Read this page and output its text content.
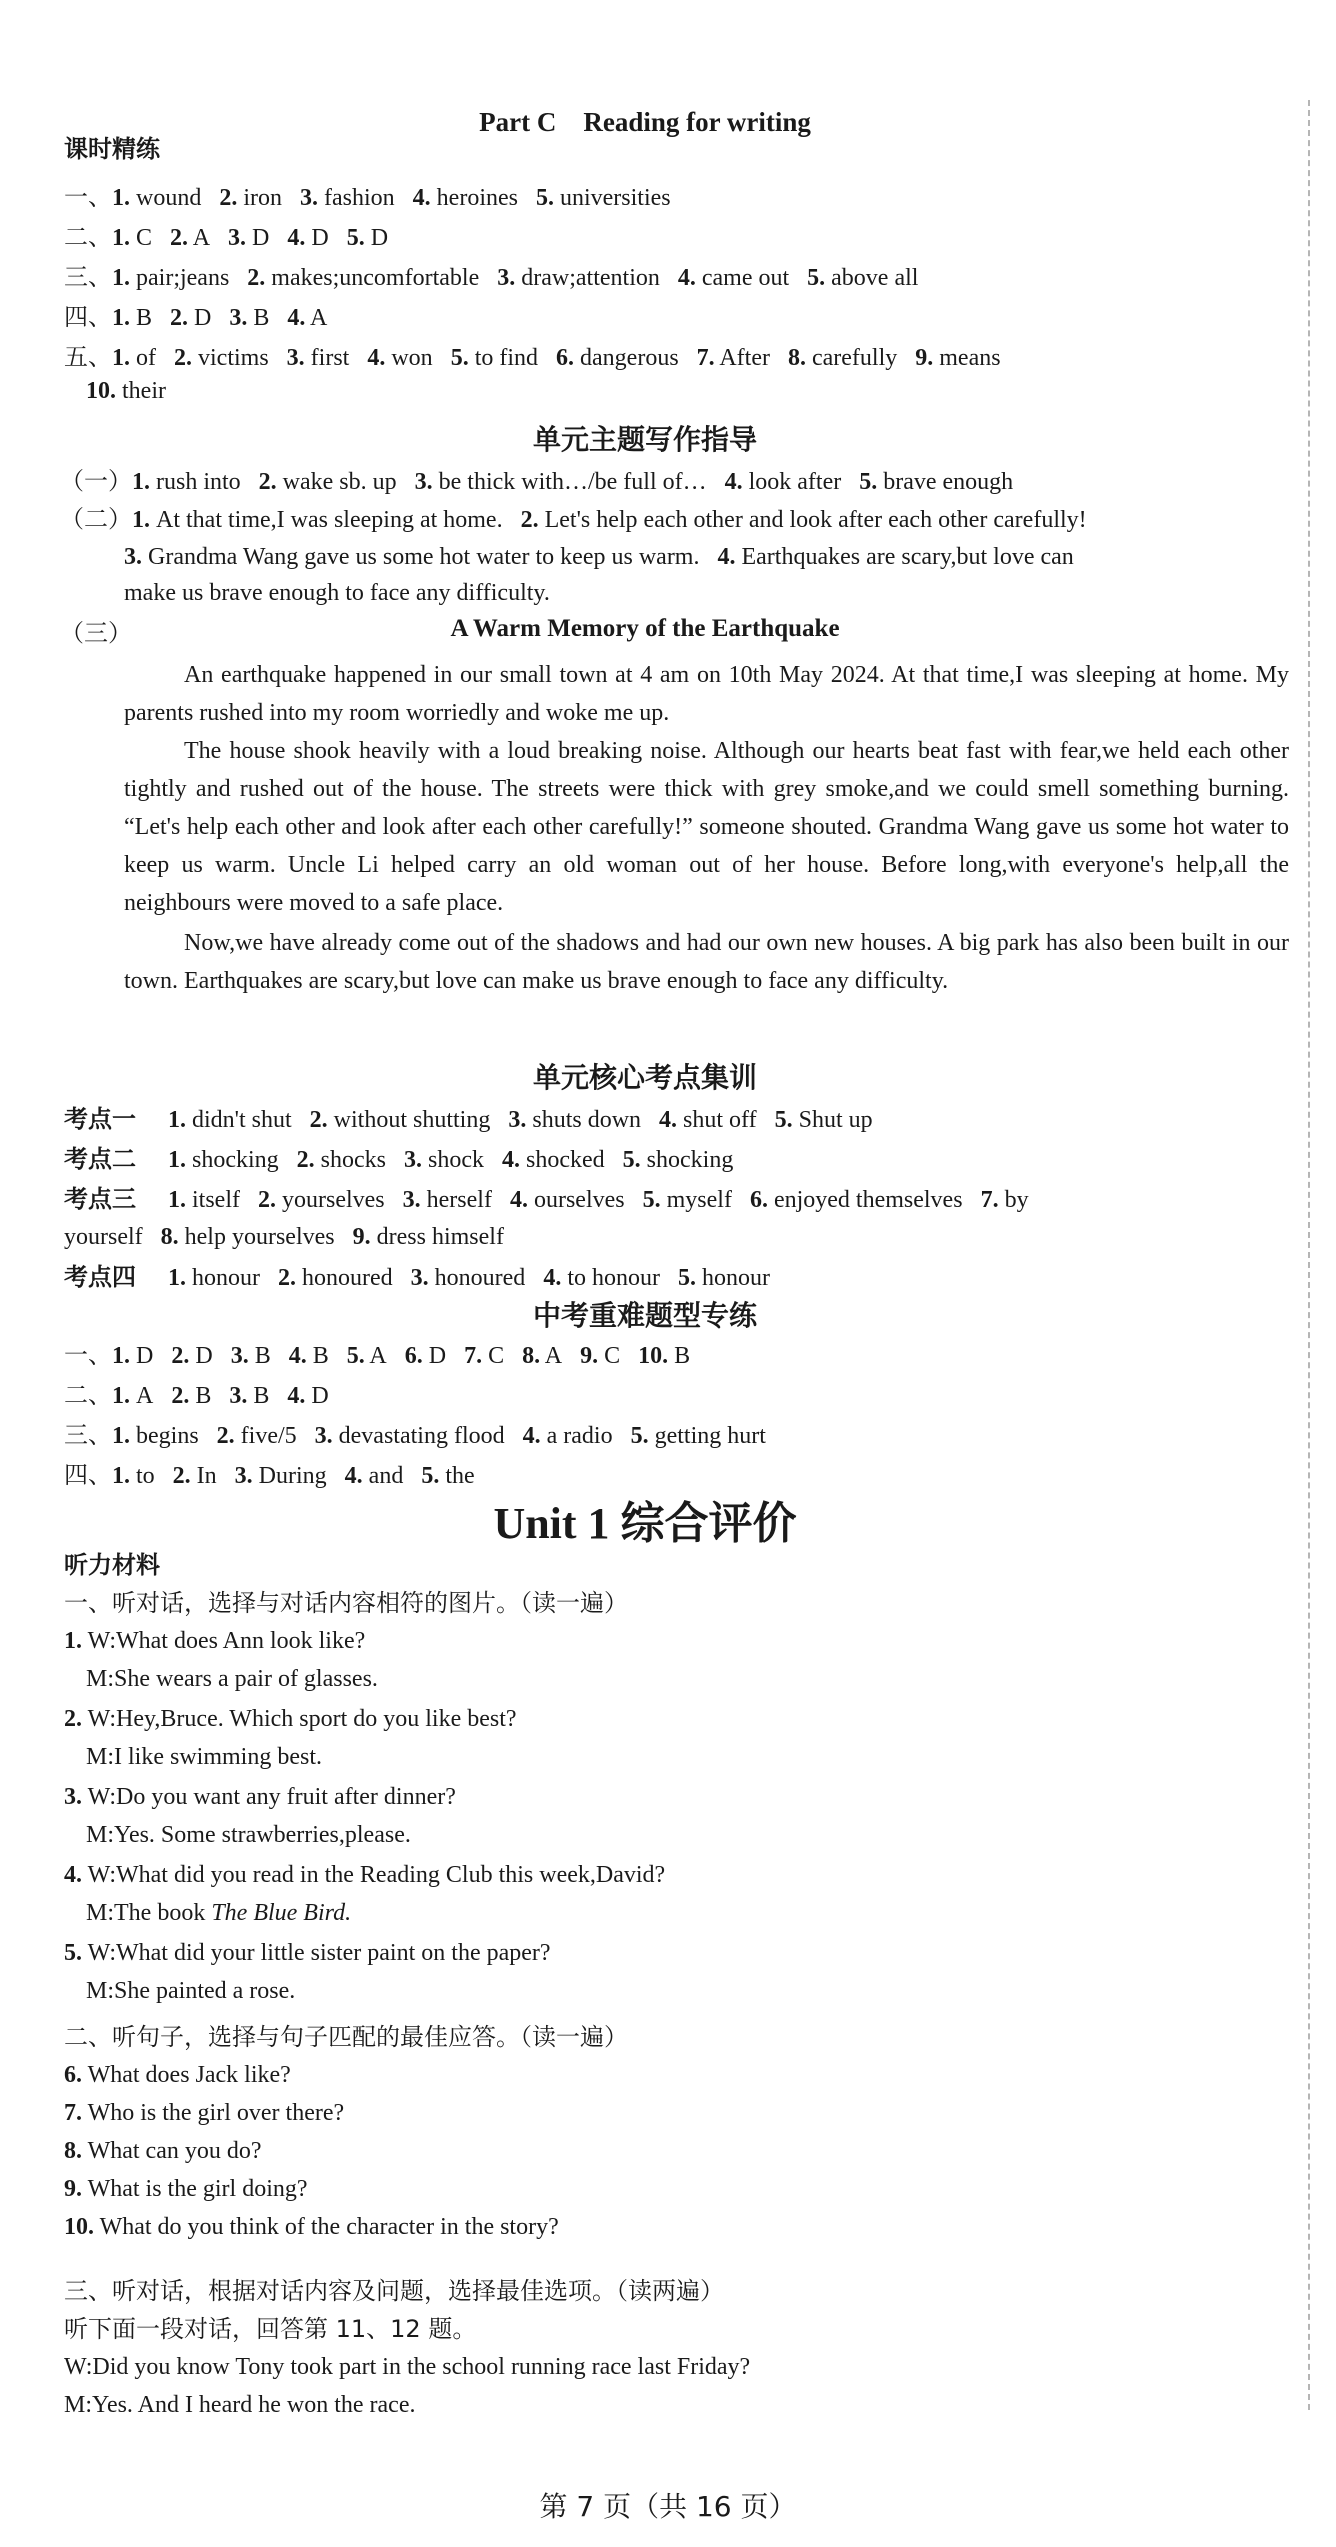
Part C　Reading for writing
课时精练
一、1. wound 2. iron 3. fashion 4. heroines 5. universities
二、1. C 2. A 3. D 4. D 5. D
三、1. pair;jeans 2. makes;uncomfortable 3. draw;attention 4. came out 5. above all
四、1. B 2. D 3. B 4. A
五、1. of 2. victims 3. first 4. won 5. to find 6. dangerous 7. After 8. carefully 9. means
10. their
单元主题写作指导
（一）1. rush into 2. wake sb. up 3. be thick with…/be full of… 4. look after 5. brave enough
（二）1. At that time,I was sleeping at home. 2. Let's help each other and look after each other carefully!
3. Grandma Wang gave us some hot water to keep us warm. 4. Earthquakes are scary,but love can
make us brave enough to face any difficulty.
（三）	A Warm Memory of the Earthquake
An earthquake happened in our small town at 4 am on 10th May 2024. At that time,I was sleeping at home. My parents rushed into my room worriedly and woke me up.
The house shook heavily with a loud breaking noise. Although our hearts beat fast with fear,we held each other tightly and rushed out of the house. The streets were thick with grey smoke,and we could smell something burning. “Let's help each other and look after each other carefully!” someone shouted. Grandma Wang gave us some hot water to keep us warm. Uncle Li helped carry an old woman out of her house. Before long,with everyone's help,all the neighbours were moved to a safe place.
Now,we have already come out of the shadows and had our own new houses. A big park has also been built in our town. Earthquakes are scary,but love can make us brave enough to face any difficulty.
单元核心考点集训
考点一 1. didn't shut 2. without shutting 3. shuts down 4. shut off 5. Shut up
考点二 1. shocking 2. shocks 3. shock 4. shocked 5. shocking
考点三 1. itself 2. yourselves 3. herself 4. ourselves 5. myself 6. enjoyed themselves 7. by
yourself 8. help yourselves 9. dress himself
考点四 1. honour 2. honoured 3. honoured 4. to honour 5. honour
中考重难题型专练
一、1. D 2. D 3. B 4. B 5. A 6. D 7. C 8. A 9. C 10. B
二、1. A 2. B 3. B 4. D
三、1. begins 2. five/5 3. devastating flood 4. a radio 5. getting hurt
四、1. to 2. In 3. During 4. and 5. the
Unit 1 综合评价
听力材料
一、听对话，选择与对话内容相符的图片。（读一遍）
1. W:What does Ann look like?
M:She wears a pair of glasses.
2. W:Hey,Bruce. Which sport do you like best?
M:I like swimming best.
3. W:Do you want any fruit after dinner?
M:Yes. Some strawberries,please.
4. W:What did you read in the Reading Club this week,David?
M:The book The Blue Bird.
5. W:What did your little sister paint on the paper?
M:She painted a rose.
二、听句子，选择与句子匹配的最佳应答。（读一遍）
6. What does Jack like?
7. Who is the girl over there?
8. What can you do?
9. What is the girl doing?
10. What do you think of the character in the story?
三、听对话，根据对话内容及问题，选择最佳选项。（读两遍）
听下面一段对话，回答第 11、12 题。
W:Did you know Tony took part in the school running race last Friday?
M:Yes. And I heard he won the race.
第 7 页（共 16 页）
